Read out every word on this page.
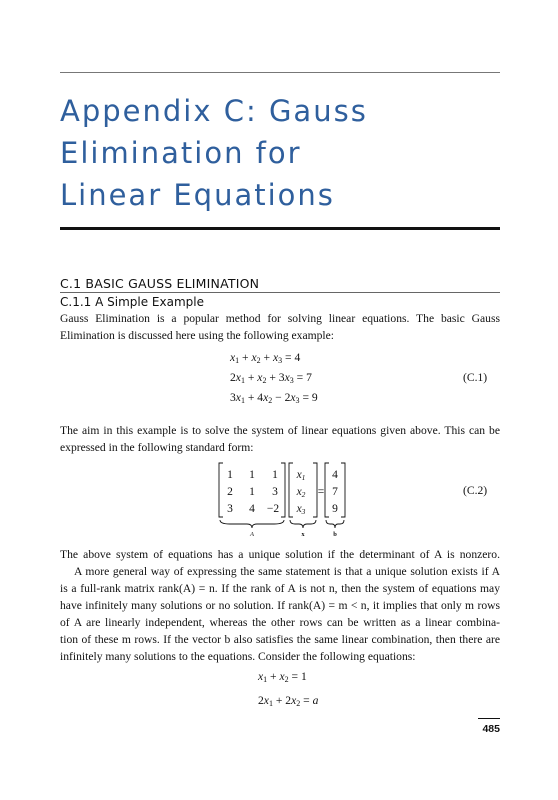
Appendix C: Gauss
Elimination for
Linear Equations
C.1 BASIC GAUSS ELIMINATION
C.1.1 A Simple Example
Gauss Elimination is a popular method for solving linear equations. The basic Gauss
Elimination is discussed here using the following example:
$x_1 + x_2 + x_3 = 4$
$2x_1 + x_2 + 3x_3 = 7$
$3x_1 + 4x_2 - 2x_3 = 9$
(C.1)
The aim in this example is to solve the system of linear equations given above. This can be
expressed in the following standard form:
1 1 1
2 1 3
3 4 −2
x1
x2
x3
=
4
7
9
A	x	b
(C.2)
The above system of equations has a unique solution if the determinant of A is nonzero.
A more general way of expressing the same statement is that a unique solution exists if A
is a full-rank matrix rank(A) = n. If the rank of A is not n, then the system of equations may
have infinitely many solutions or no solution. If rank(A) = m < n, it implies that only m rows
of A are linearly independent, whereas the other rows can be written as a linear combina-
tion of these m rows. If the vector b also satisfies the same linear combination, then there are
infinitely many solutions to the equations. Consider the following equations:
$x_1 + x_2 = 1$
$2x_1 + 2x_2 = a$
485
